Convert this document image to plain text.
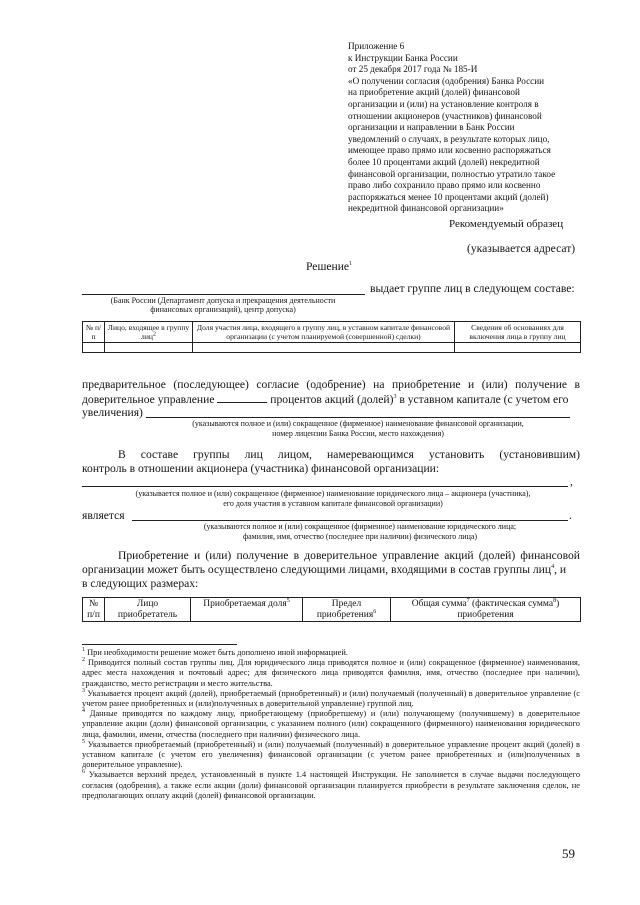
Приложение 6
к Инструкции Банка России
от 25 декабря 2017 года № 185-И
«О получении согласия (одобрения) Банка России
на приобретение акций (долей) финансовой
организации и (или) на установление контроля в
отношении акционеров (участников) финансовой
организации и направлении в Банк России
уведомлений о случаях, в результате которых лицо,
имеющее право прямо или косвенно распоряжаться
более 10 процентами акций (долей) некредитной
финансовой организации, полностью утратило такое
право либо сохранило право прямо или косвенно
распоряжаться менее 10 процентами акций (долей)
некредитной финансовой организации»
Рекомендуемый образец
(указывается адресат)
Решение$^1$
выдает группе лиц в следующем составе:
(Банк России (Департамент допуска и прекращения деятельности
финансовых организаций), центр допуска)
№ п/п	Лицо, входящее в группу лиц$^2$	Доля участия лица, входящего в группу лиц, в уставном капитале финансовой организации (с учетом планируемой (совершенной) сделки)	Сведения об основаниях для включения лица в группу лиц

предварительное (последующее) согласие (одобрение) на приобретение и (или) получение в
доверительное управление	процентов акций (долей)$^3$ в уставном капитале (с учетом его
увеличения)
(указываются полное и (или) сокращенное (фирменное) наименование финансовой организации,
номер лицензии Банка России, место нахождения)
В составе группы лиц лицом, намеревающимся установить (установившим)
контроль в отношении акционера (участника) финансовой организации:
,
(указывается полное и (или) сокращенное (фирменное) наименование юридического лица – акционера (участника),
его доля участия в уставном капитале финансовой организации)
является	.
(указываются полное и (или) сокращенное (фирменное) наименование юридического лица;
фамилия, имя, отчество (последнее при наличии) физического лица)
Приобретение и (или) получение в доверительное управление акций (долей) финансовой
организации может быть осуществлено следующими лицами, входящими в состав группы лиц$^4$, и
в следующих размерах:
№ п/п	Лицо приобретатель	Приобретаемая доля$^5$	Предел приобретения$^6$	Общая сумма$^7$ (фактическая сумма$^8$) приобретения
$^1$ При необходимости решение может быть дополнено иной информацией.
$^2$ Приводится полный состав группы лиц. Для юридического лица приводятся полное и (или) сокращенное (фирменное) наименования, адрес места нахождения и почтовый адрес; для физического лица приводятся фамилия, имя, отчество (последнее при наличии), гражданство, место регистрации и место жительства.
$^3$ Указывается процент акций (долей), приобретаемый (приобретенный) и (или) получаемый (полученный) в доверительное управление (с учетом ранее приобретенных и (или)полученных в доверительной управление) группой лиц.
$^4$ Данные приводятся по каждому лицу, приобретающему (приобретшему) и (или) получающему (получившему) в доверительное управление акции (доли) финансовой организации, с указанием полного (или) сокращенного (фирменного) наименования юридического лица, фамилии, имени, отчества (последнего при наличии) физического лица.
$^5$ Указывается приобретаемый (приобретенный) и (или) получаемый (полученный) в доверительное управление процент акций (долей) в уставном капитале (с учетом его увеличения) финансовой организации (с учетом ранее приобретенных и (или)полученных в доверительное управление).
$^6$ Указывается верхний предел, установленный в пункте 1.4 настоящей Инструкции. Не заполняется в случае выдачи последующего согласия (одобрения), а также если акции (доли) финансовой организации планируется приобрести в результате заключения сделок, не предполагающих оплату акций (долей) финансовой организации.
59
